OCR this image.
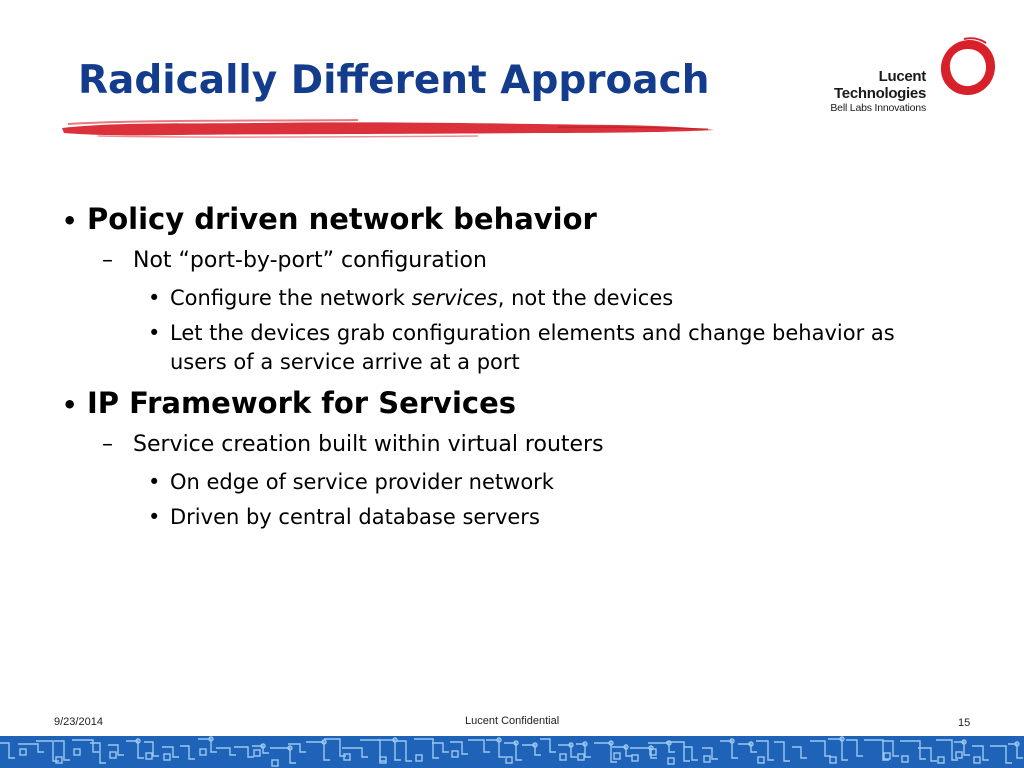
Radically Different Approach	Lucent Technologies
Bell Labs Innovations
• Policy driven network behavior
– Not “port-by-port” configuration
• Configure the network services, not the devices
• Let the devices grab configuration elements and change behavior as users of a service arrive at a port
• IP Framework for Services
– Service creation built within virtual routers
• On edge of service provider network
• Driven by central database servers
9/23/2014	Lucent Confidential	15
